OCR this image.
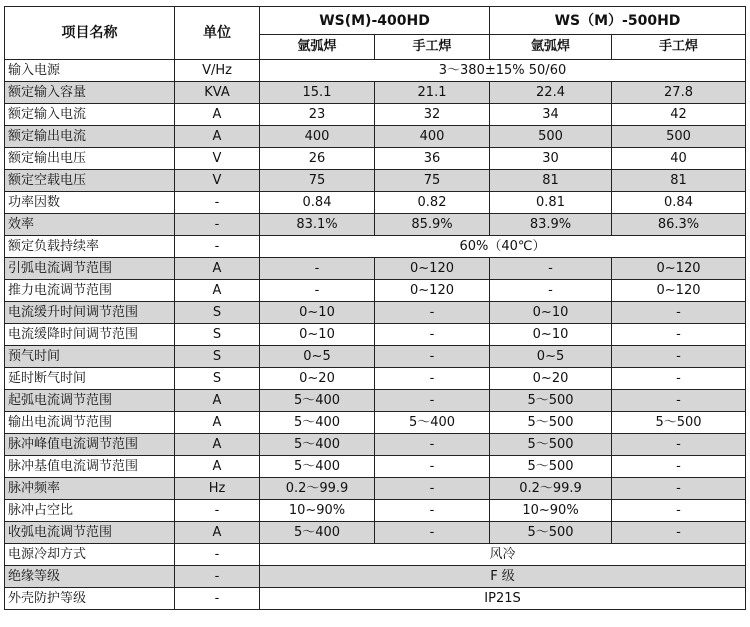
项目名称	单位	WS(M)-400HD		WS（M）-500HD	
		氩弧焊	手工焊	氩弧焊	手工焊
输入电源	V/Hz	3～380±15% 50/60			
额定输入容量	KVA	15.1	21.1	22.4	27.8
额定输入电流	A	23	32	34	42
额定输出电流	A	400	400	500	500
额定输出电压	V	26	36	30	40
额定空载电压	V	75	75	81	81
功率因数	-	0.84	0.82	0.81	0.84
效率	-	83.1%	85.9%	83.9%	86.3%
额定负载持续率	-	60%（40℃）			
引弧电流调节范围	A	-	0~120	-	0~120
推力电流调节范围	A	-	0~120	-	0~120
电流缓升时间调节范围	S	0~10	-	0~10	-
电流缓降时间调节范围	S	0~10	-	0~10	-
预气时间	S	0~5	-	0~5	-
延时断气时间	S	0~20	-	0~20	-
起弧电流调节范围	A	5～400	-	5～500	-
输出电流调节范围	A	5～400	5～400	5～500	5～500
脉冲峰值电流调节范围	A	5～400	-	5～500	-
脉冲基值电流调节范围	A	5～400	-	5～500	-
脉冲频率	Hz	0.2～99.9	-	0.2～99.9	-
脉冲占空比	-	10~90%	-	10~90%	-
收弧电流调节范围	A	5～400	-	5～500	-
电源冷却方式	-	风冷			
绝缘等级	-	F 级			
外壳防护等级	-	IP21S			
